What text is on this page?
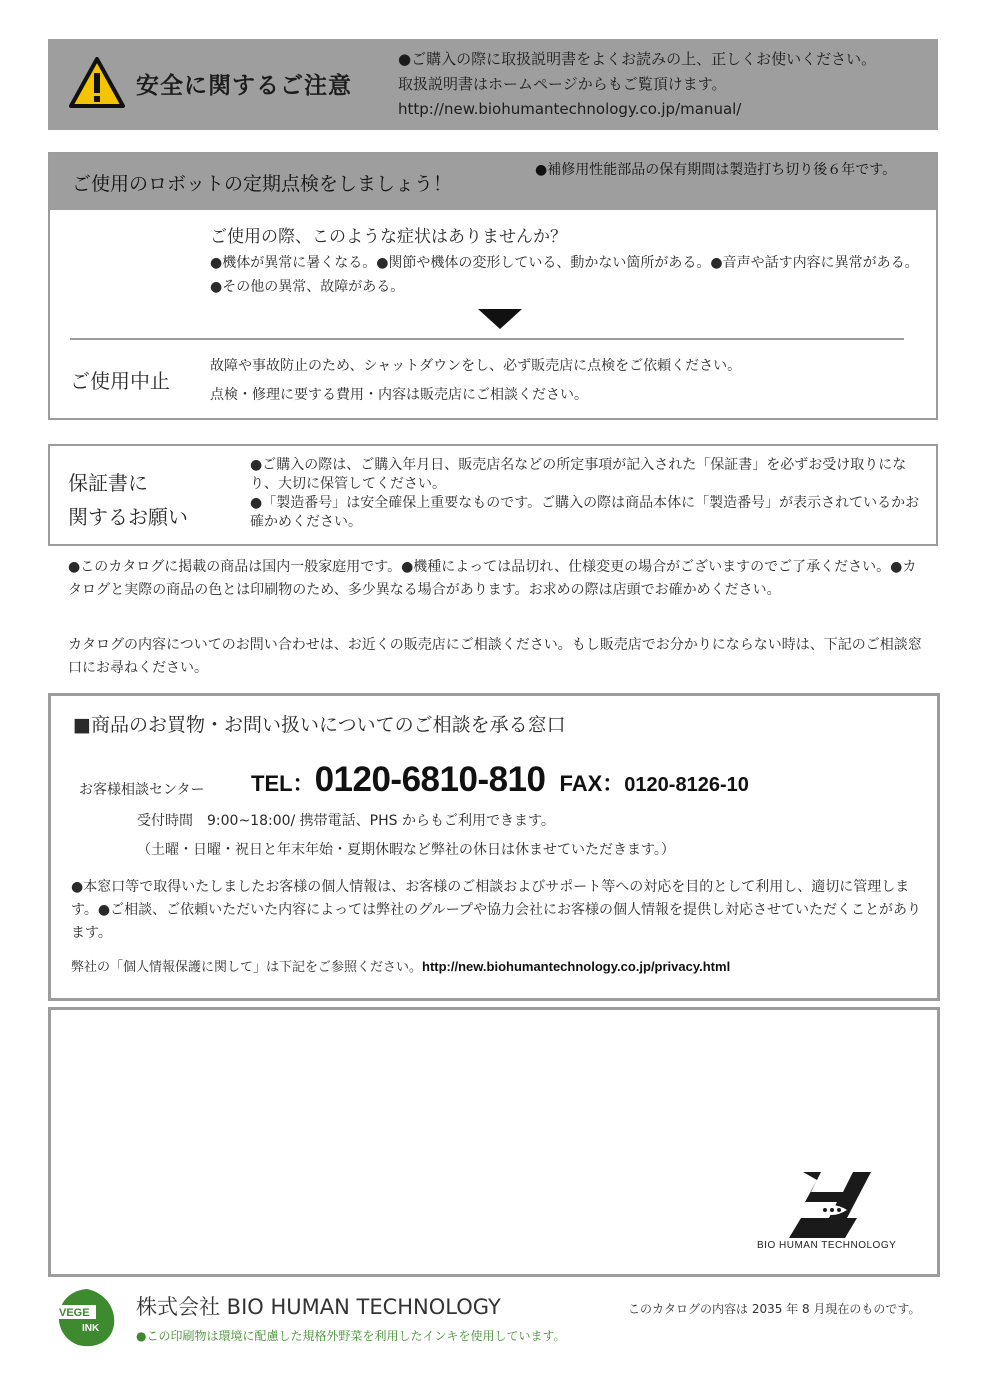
安全に関するご注意
●ご購入の際に取扱説明書をよくお読みの上、正しくお使いください。
取扱説明書はホームページからもご覧頂けます。
http://new.biohumantechnology.co.jp/manual/
ご使用のロボットの定期点検をしましょう！
●補修用性能部品の保有期間は製造打ち切り後６年です。
ご使用の際、このような症状はありませんか？
●機体が異常に暑くなる。●関節や機体の変形している、動かない箇所がある。●音声や話す内容に異常がある。●その他の異常、故障がある。
ご使用中止
故障や事故防止のため、シャットダウンをし、必ず販売店に点検をご依頼ください。
点検・修理に要する費用・内容は販売店にご相談ください。
保証書に
関するお願い
●ご購入の際は、ご購入年月日、販売店名などの所定事項が記入された「保証書」を必ずお受け取りになり、大切に保管してください。
●「製造番号」は安全確保上重要なものです。ご購入の際は商品本体に「製造番号」が表示されているかお確かめください。
●このカタログに掲載の商品は国内一般家庭用です。●機種によっては品切れ、仕様変更の場合がございますのでご了承ください。●カタログと実際の商品の色とは印刷物のため、多少異なる場合があります。お求めの際は店頭でお確かめください。
カタログの内容についてのお問い合わせは、お近くの販売店にご相談ください。もし販売店でお分かりにならない時は、下記のご相談窓口にお尋ねください。
■商品のお買物・お問い扱いについてのご相談を承る窓口
お客様相談センター TEL：0120-6810-810 FAX：0120-8126-10
受付時間　9:00~18:00/ 携帯電話、PHS からもご利用できます。
（土曜・日曜・祝日と年末年始・夏期休暇など弊社の休日は休ませていただきます。）
●本窓口等で取得いたしましたお客様の個人情報は、お客様のご相談およびサポート等への対応を目的として利用し、適切に管理します。●ご相談、ご依頼いただいた内容によっては弊社のグループや協力会社にお客様の個人情報を提供し対応させていただくことがあります。
弊社の「個人情報保護に関して」は下記をご参照ください。http://new.biohumantechnology.co.jp/privacy.html
BIO HUMAN TECHNOLOGY
VEGE
INK
株式会社 BIO HUMAN TECHNOLOGY
●この印刷物は環境に配慮した規格外野菜を利用したインキを使用しています。
このカタログの内容は 2035 年 8 月現在のものです。
